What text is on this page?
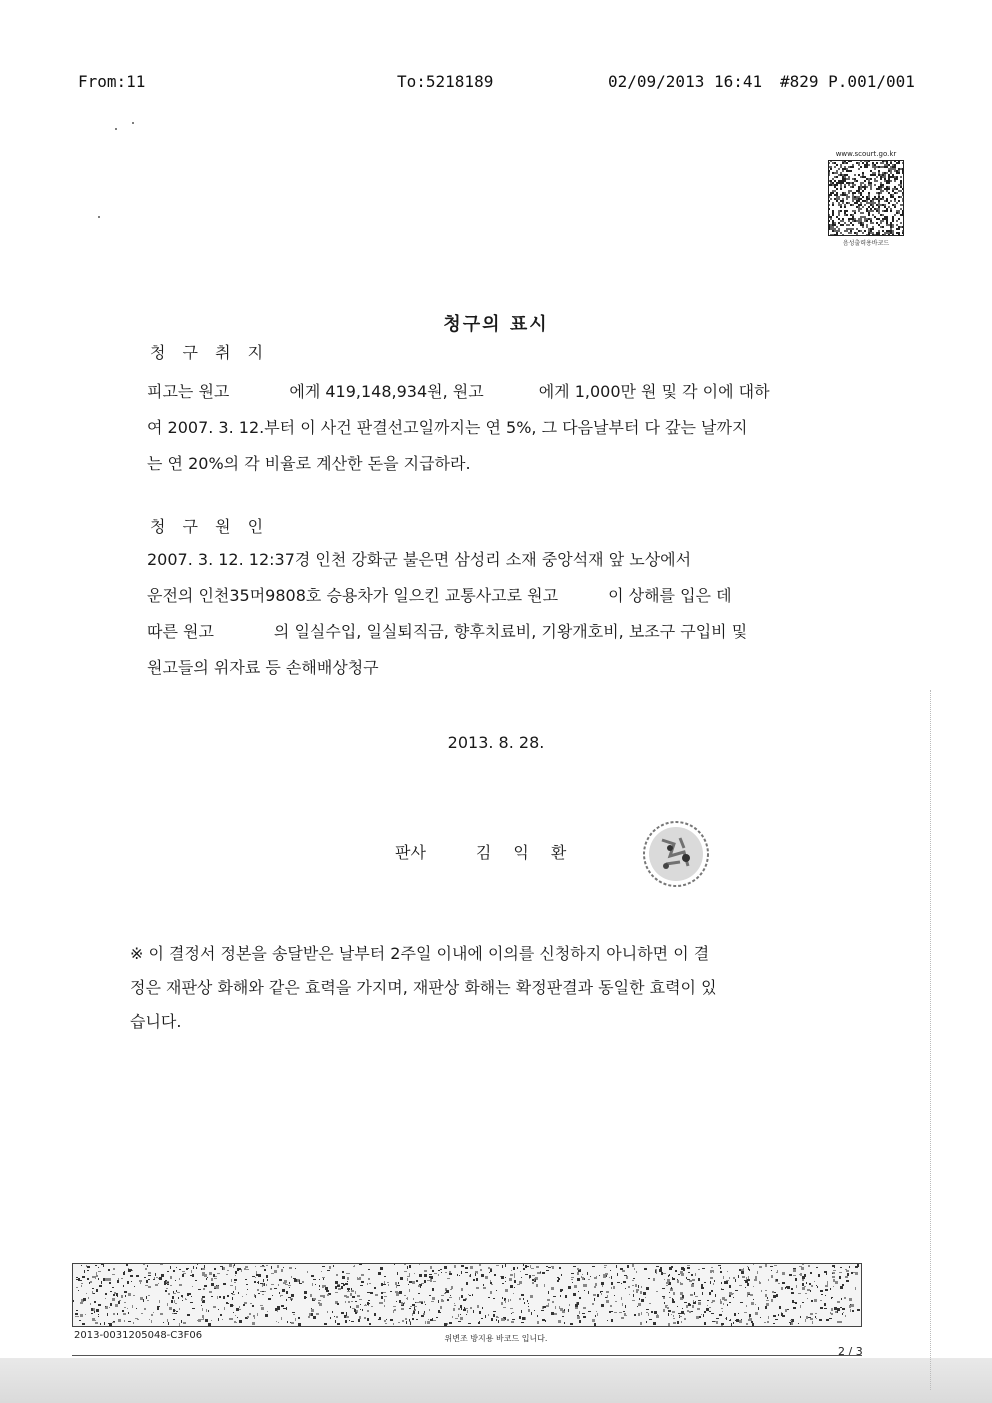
From:11	To:5218189	02/09/2013 16:41 #829 P.001/001
www.scourt.go.kr
음성출력용바코드
청구의 표시
청 구 취 지
피고는 원고	에게 419,148,934원, 원고	에게 1,000만 원 및 각 이에 대하
여 2007. 3. 12.부터 이 사건 판결선고일까지는 연 5%, 그 다음날부터 다 갚는 날까지
는 연 20%의 각 비율로 계산한 돈을 지급하라.
청 구 원 인
2007. 3. 12. 12:37경 인천 강화군 불은면 삼성리 소재 중앙석재 앞 노상에서
운전의 인천35머9808호 승용차가 일으킨 교통사고로 원고	이 상해를 입은 데
따른 원고	의 일실수입, 일실퇴직금, 향후치료비, 기왕개호비, 보조구 구입비 및
원고들의 위자료 등 손해배상청구
2013. 8. 28.
판사	김익환
※ 이 결정서 정본을 송달받은 날부터 2주일 이내에 이의를 신청하지 아니하면 이 결
정은 재판상 화해와 같은 효력을 가지며, 재판상 화해는 확정판결과 동일한 효력이 있
습니다.
2013-0031205048-C3F06	위변조 방지용 바코드 입니다.
2 / 3
